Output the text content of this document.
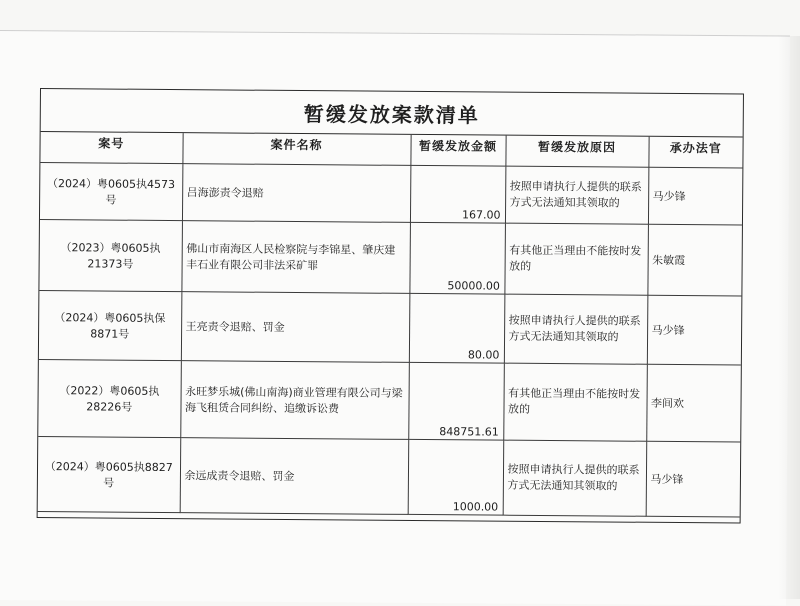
暂缓发放案款清单
案号	案件名称	暂缓发放金额	暂缓发放原因	承办法官
（2024）粤0605执4573号	吕海澎责令退赔	167.00	按照申请执行人提供的联系方式无法通知其领取的	马少锋
（2023）粤0605执21373号	佛山市南海区人民检察院与李锦星、肇庆建丰石业有限公司非法采矿罪	50000.00	有其他正当理由不能按时发放的	朱敏霞
（2024）粤0605执保8871号	王亮责令退赔、罚金	80.00	按照申请执行人提供的联系方式无法通知其领取的	马少锋
（2022）粤0605执28226号	永旺梦乐城(佛山南海)商业管理有限公司与梁海飞租赁合同纠纷、追缴诉讼费	848751.61	有其他正当理由不能按时发放的	李间欢
（2024）粤0605执8827号	余远成责令退赔、罚金	1000.00	按照申请执行人提供的联系方式无法通知其领取的	马少锋
